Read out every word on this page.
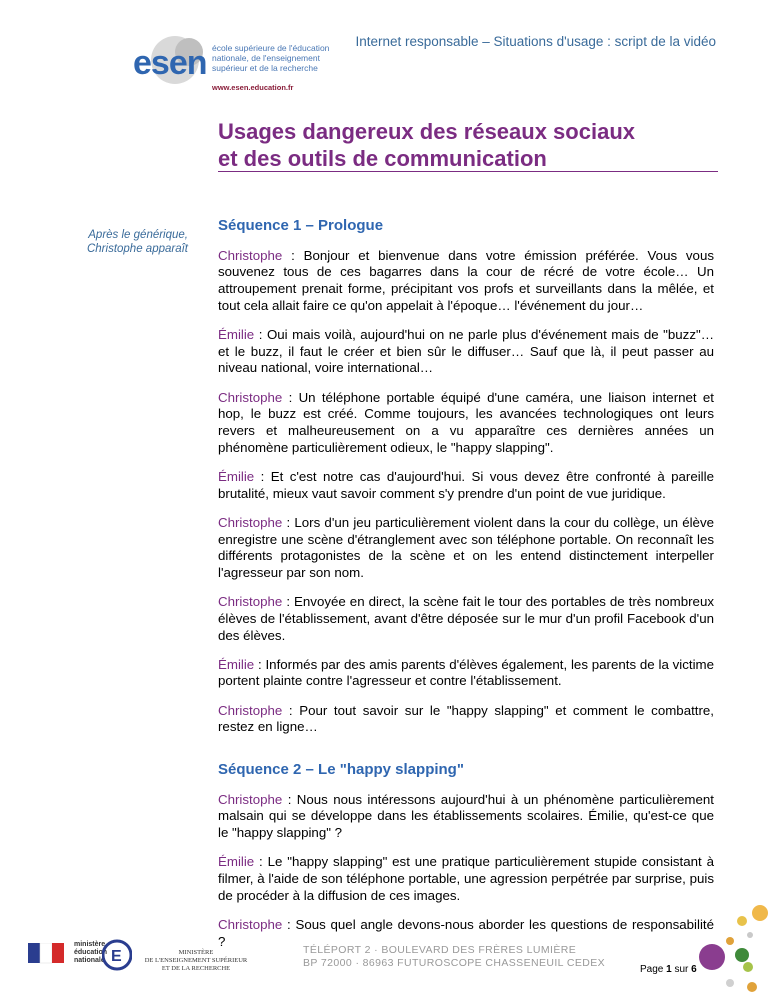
Internet responsable – Situations d'usage : script de la vidéo
esen école supérieure de l'éducation
nationale, de l'enseignement
supérieur et de la recherche
www.esen.education.fr
Usages dangereux des réseaux sociaux
et des outils de communication
Après le générique, Christophe apparaît
Séquence 1 – Prologue

Christophe : Bonjour et bienvenue dans votre émission préférée. Vous vous souvenez tous de ces bagarres dans la cour de récré de votre école… Un attroupement prenait forme, précipitant vos profs et surveillants dans la mêlée, et tout cela allait faire ce qu'on appelait à l'époque… l'événement du jour…

Émilie : Oui mais voilà, aujourd'hui on ne parle plus d'événement mais de "buzz"… et le buzz, il faut le créer et bien sûr le diffuser… Sauf que là, il peut passer au niveau national, voire international…

Christophe : Un téléphone portable équipé d'une caméra, une liaison internet et hop, le buzz est créé. Comme toujours, les avancées technologiques ont leurs revers et malheureusement on a vu apparaître ces dernières années un phénomène particulièrement odieux, le "happy slapping".

Émilie : Et c'est notre cas d'aujourd'hui. Si vous devez être confronté à pareille brutalité, mieux vaut savoir comment s'y prendre d'un point de vue juridique.

Christophe : Lors d'un jeu particulièrement violent dans la cour du collège, un élève enregistre une scène d'étranglement avec son téléphone portable. On reconnaît les différents protagonistes de la scène et on les entend distinctement interpeller l'agresseur par son nom.

Christophe : Envoyée en direct, la scène fait le tour des portables de très nombreux élèves de l'établissement, avant d'être déposée sur le mur d'un profil Facebook d'un des élèves.

Émilie : Informés par des amis parents d'élèves également, les parents de la victime portent plainte contre l'agresseur et contre l'établissement.

Christophe : Pour tout savoir sur le "happy slapping" et comment le combattre, restez en ligne…

Séquence 2 – Le "happy slapping"

Christophe : Nous nous intéressons aujourd'hui à un phénomène particulièrement malsain qui se développe dans les établissements scolaires. Émilie, qu'est-ce que le "happy slapping" ?

Émilie : Le "happy slapping" est une pratique particulièrement stupide consistant à filmer, à l'aide de son téléphone portable, une agression perpétrée par surprise, puis de procéder à la diffusion de ces images.

Christophe : Sous quel angle devons-nous aborder les questions de responsabilité ?

ministère
éducation
nationale E	MINISTÈRE
DE L'ENSEIGNEMENT SUPÉRIEUR
ET DE LA RECHERCHE
TÉLÉPORT 2 · BOULEVARD DES FRÈRES LUMIÈRE
BP 72000 · 86963 FUTUROSCOPE CHASSENEUIL CEDEX
Page 1 sur 6
